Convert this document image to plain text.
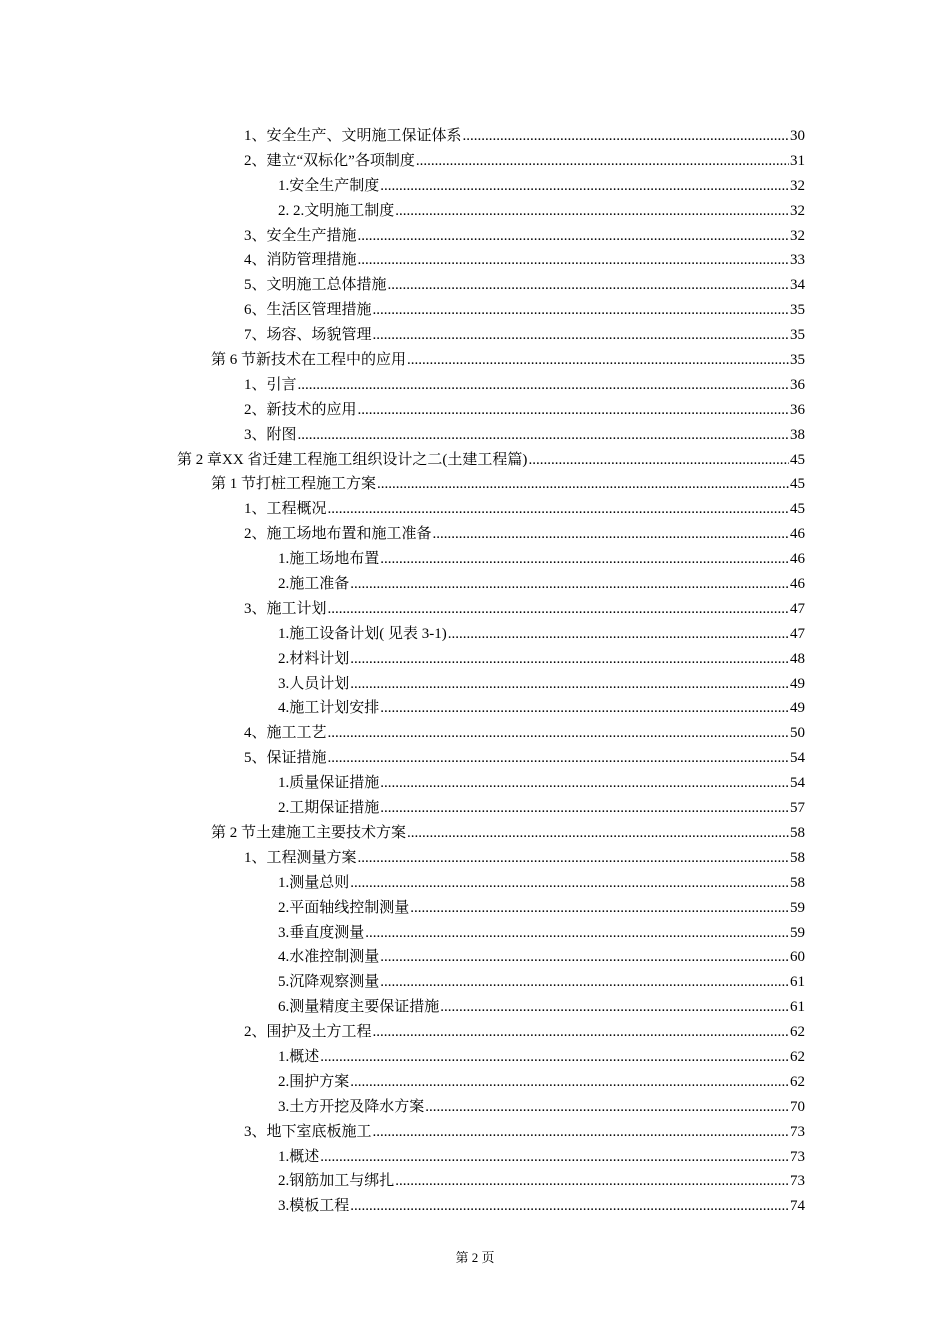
1、 安全生产、文明施工保证体系 .....	30
2、 建立“双标化”各项制度 .....	31
1. 安全生产制度 .....	32
2. 2. 文明施工制度 .....	32
3、 安全生产措施 .....	32
4、 消防管理措施 .....	33
5、 文明施工总体措施 .....	34
6、 生活区管理措施 .....	35
7、 场容、场貌管理 .....	35
第 6 节 新技术在工程中的应用 .....	35
1、 引言 .....	36
2、 新技术的应用 .....	36
3、 附图 .....	38
第 2 章 XX 省迁建工程施工组织设计之二(土建工程篇) .....	45
第 1 节 打桩工程施工方案 .....	45
1、 工程概况 .....	45
2、 施工场地布置和施工准备 .....	46
1. 施工场地布置 .....	46
2. 施工准备 .....	46
3、 施工计划 .....	47
1. 施工设备计划( 见表 3-1) .....	47
2. 材料计划 .....	48
3. 人员计划 .....	49
4. 施工计划安排 .....	49
4、 施工工艺 .....	50
5、 保证措施 .....	54
1. 质量保证措施 .....	54
2. 工期保证措施 .....	57
第 2 节 土建施工主要技术方案 .....	58
1、 工程测量方案 .....	58
1. 测量总则 .....	58
2. 平面轴线控制测量 .....	59
3. 垂直度测量 .....	59
4. 水准控制测量 .....	60
5. 沉降观察测量 .....	61
6. 测量精度主要保证措施 .....	61
2、 围护及土方工程 .....	62
1. 概述 .....	62
2. 围护方案 .....	62
3. 土方开挖及降水方案 .....	70
3、 地下室底板施工 .....	73
1. 概述 .....	73
2. 钢筋加工与绑扎 .....	73
3. 模板工程 .....	74
第 2 页
